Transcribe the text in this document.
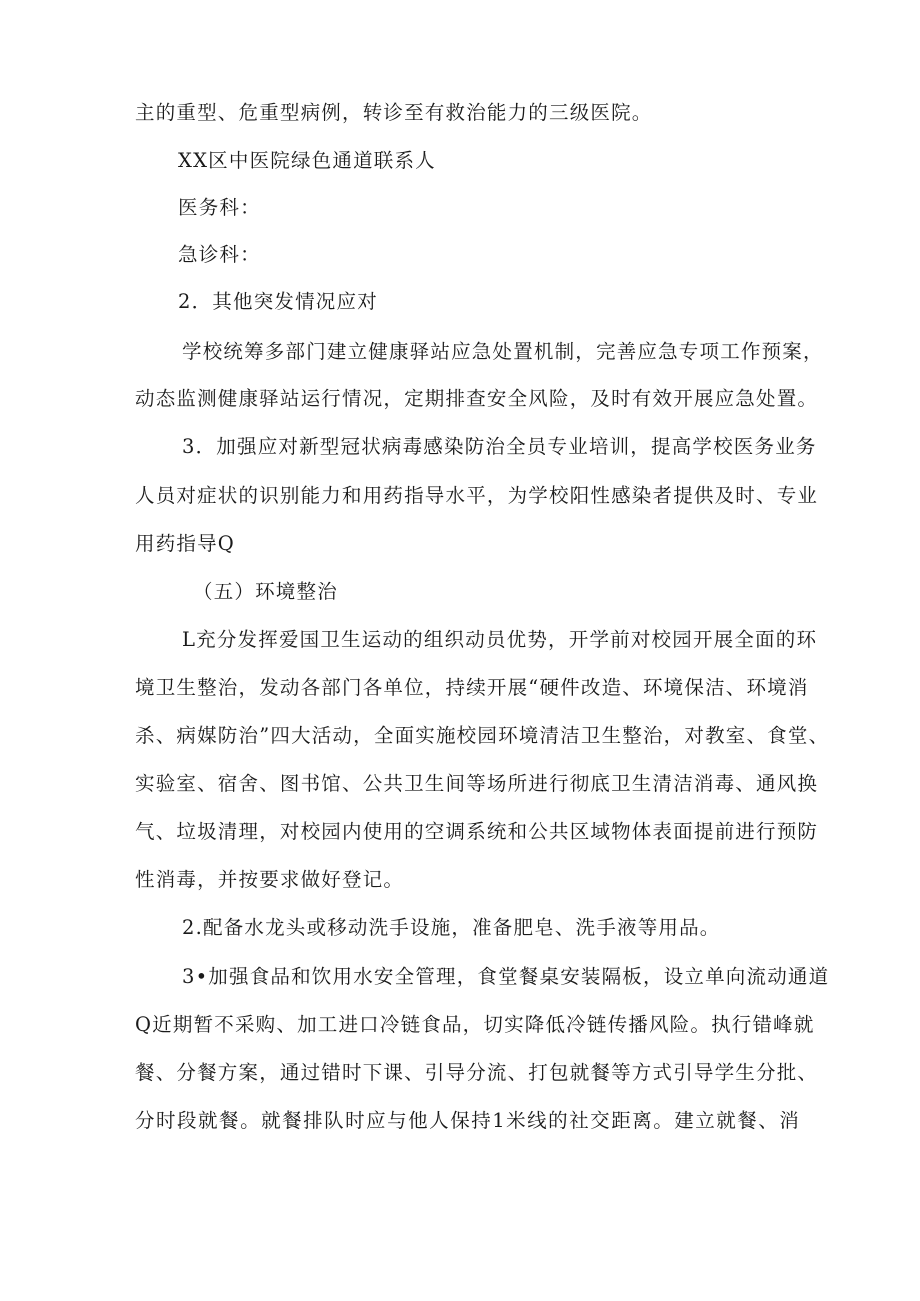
主的重型、危重型病例，转诊至有救治能力的三级医院。
XX区中医院绿色通道联系人
医务科：
急诊科：
2．其他突发情况应对
学校统筹多部门建立健康驿站应急处置机制，完善应急专项工作预案，
动态监测健康驿站运行情况，定期排查安全风险，及时有效开展应急处置。
3．加强应对新型冠状病毒感染防治全员专业培训，提高学校医务业务
人员对症状的识别能力和用药指导水平，为学校阳性感染者提供及时、专业
用药指导Q
（五）环境整治
L充分发挥爱国卫生运动的组织动员优势，开学前对校园开展全面的环
境卫生整治，发动各部门各单位，持续开展“硬件改造、环境保洁、环境消
杀、病媒防治”四大活动，全面实施校园环境清洁卫生整治，对教室、食堂、
实验室、宿舍、图书馆、公共卫生间等场所进行彻底卫生清洁消毒、通风换
气、垃圾清理，对校园内使用的空调系统和公共区域物体表面提前进行预防
性消毒，并按要求做好登记。
2.配备水龙头或移动洗手设施，准备肥皂、洗手液等用品。
3•加强食品和饮用水安全管理，食堂餐桌安装隔板，设立单向流动通道
Q近期暂不采购、加工进口冷链食品，切实降低冷链传播风险。执行错峰就
餐、分餐方案，通过错时下课、引导分流、打包就餐等方式引导学生分批、
分时段就餐。就餐排队时应与他人保持1米线的社交距离。建立就餐、消
